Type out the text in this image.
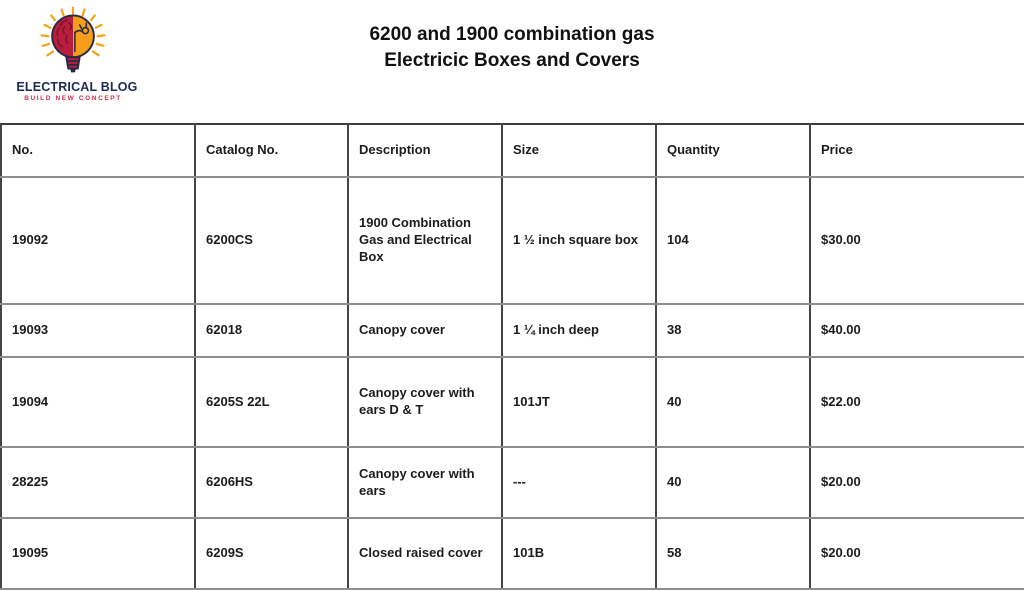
ELECTRICAL BLOG
BUILD NEW CONCEPT
6200 and 1900 combination gas
Electricic Boxes and Covers
No.	Catalog No.	Description	Size	Quantity	Price
19092	6200CS	1900 Combination Gas and Electrical Box	1 ½ inch square box	104	$30.00
19093	62018	Canopy cover	1 ¼ inch deep	38	$40.00
19094	6205S 22L	Canopy cover with ears D & T	101JT	40	$22.00
28225	6206HS	Canopy cover with ears	---	40	$20.00
19095	6209S	Closed raised cover	101B	58	$20.00
